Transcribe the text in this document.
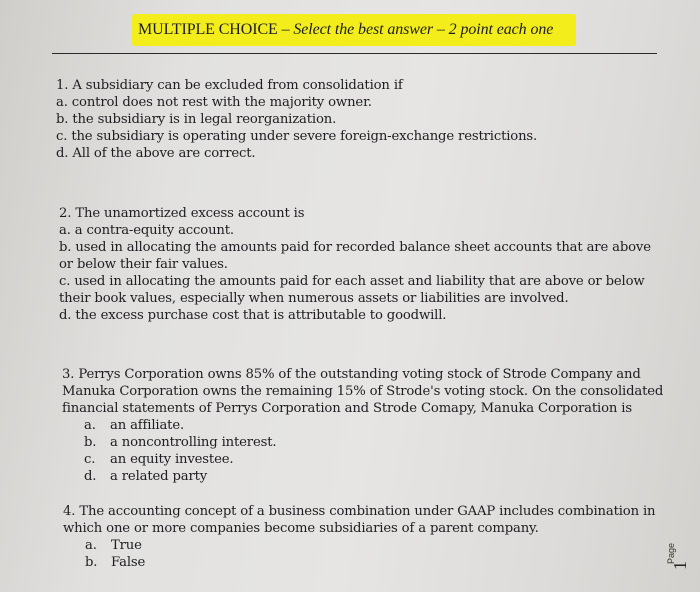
MULTIPLE CHOICE – Select the best answer – 2 point each one
1. A subsidiary can be excluded from consolidation if
a. control does not rest with the majority owner.
b. the subsidiary is in legal reorganization.
c. the subsidiary is operating under severe foreign-exchange restrictions.
d. All of the above are correct.
2. The unamortized excess account is
a. a contra-equity account.
b. used in allocating the amounts paid for recorded balance sheet accounts that are above
or below their fair values.
c. used in allocating the amounts paid for each asset and liability that are above or below
their book values, especially when numerous assets or liabilities are involved.
d. the excess purchase cost that is attributable to goodwill.
3. Perrys Corporation owns 85% of the outstanding voting stock of Strode Company and
Manuka Corporation owns the remaining 15% of Strode's voting stock. On the consolidated
financial statements of Perrys Corporation and Strode Comapy, Manuka Corporation is
a. an affiliate.
b. a noncontrolling interest.
c. an equity investee.
d. a related party
4. The accounting concept of a business combination under GAAP includes combination in
which one or more companies become subsidiaries of a parent company.
a. True
b. False	Page
1
